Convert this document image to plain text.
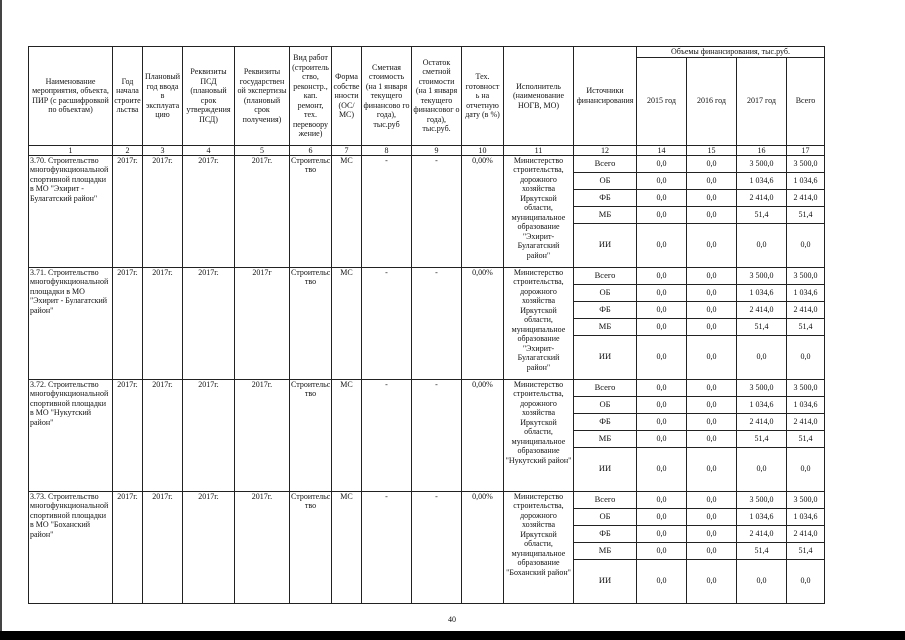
Наименование мероприятия, объекта, ПИР (с расшифровкой по объектам)	Год начала строите льства	Плановый год ввода в эксплуата цию	Реквизиты ПСД (плановый срок утверждения ПСД)	Реквизиты государствен ой экспертизы (плановый срок получения)	Вид работ (строитель ство, реконстр., кап. ремонт, тех. перевоору жение)	Форма собстве нности (ОС/МС)	Сметная стоимость (на 1 января текущего финансово го года), тыс.руб	Остаток сметной стоимости (на 1 января текущего финансовог о года), тыс.руб.	Тех. готовност ь на отчетную дату (в %)	Исполнитель (наименование НОГВ, МО)	Источники финансирования	Объемы финансирования, тыс.руб.			
												2015 год	2016 год	2017 год	Всего
1	2	3	4	5	6	7	8	9	10	11	12	14	15	16	17
3.70. Строительство многофункциональной спортивной площадки в МО "Эхирит - Булагатский район"	2017г.	2017г.	2017г.	2017г.	Строительс тво	МС	-	-	0,00%	Министерство строительства, дорожного хозяйства Иркутской области, муниципальное образование "Эхирит-Булагатский район"	Всего	0,0	0,0	3 500,0	3 500,0
											ОБ	0,0	0,0	1 034,6	1 034,6
											ФБ	0,0	0,0	2 414,0	2 414,0
											МБ	0,0	0,0	51,4	51,4
											ИИ	0,0	0,0	0,0	0,0
3.71. Строительство многофункциональной площадки в МО "Эхирит - Булагатский район"	2017г.	2017г.	2017г.	2017г	Строительс тво	МС	-	-	0,00%	Министерство строительства, дорожного хозяйства Иркутской области, муниципальное образование "Эхирит-Булагатский район"	Всего	0,0	0,0	3 500,0	3 500,0
											ОБ	0,0	0,0	1 034,6	1 034,6
											ФБ	0,0	0,0	2 414,0	2 414,0
											МБ	0,0	0,0	51,4	51,4
											ИИ	0,0	0,0	0,0	0,0
3.72. Строительство многофункциональной спортивной площадки в МО "Нукутский район"	2017г.	2017г.	2017г.	2017г.	Строительс тво	МС	-	-	0,00%	Министерство строительства, дорожного хозяйства Иркутской области, муниципальное образование "Нукутский район"	Всего	0,0	0,0	3 500,0	3 500,0
											ОБ	0,0	0,0	1 034,6	1 034,6
											ФБ	0,0	0,0	2 414,0	2 414,0
											МБ	0,0	0,0	51,4	51,4
											ИИ	0,0	0,0	0,0	0,0
3.73. Строительство многофункциональной спортивной площадки в МО "Боханский район"	2017г.	2017г.	2017г.	2017г.	Строительс тво	МС	-	-	0,00%	Министерство строительства, дорожного хозяйства Иркутской области, муниципальное образование "Боханский район"	Всего	0,0	0,0	3 500,0	3 500,0
											ОБ	0,0	0,0	1 034,6	1 034,6
											ФБ	0,0	0,0	2 414,0	2 414,0
											МБ	0,0	0,0	51,4	51,4
											ИИ	0,0	0,0	0,0	0,0
40
